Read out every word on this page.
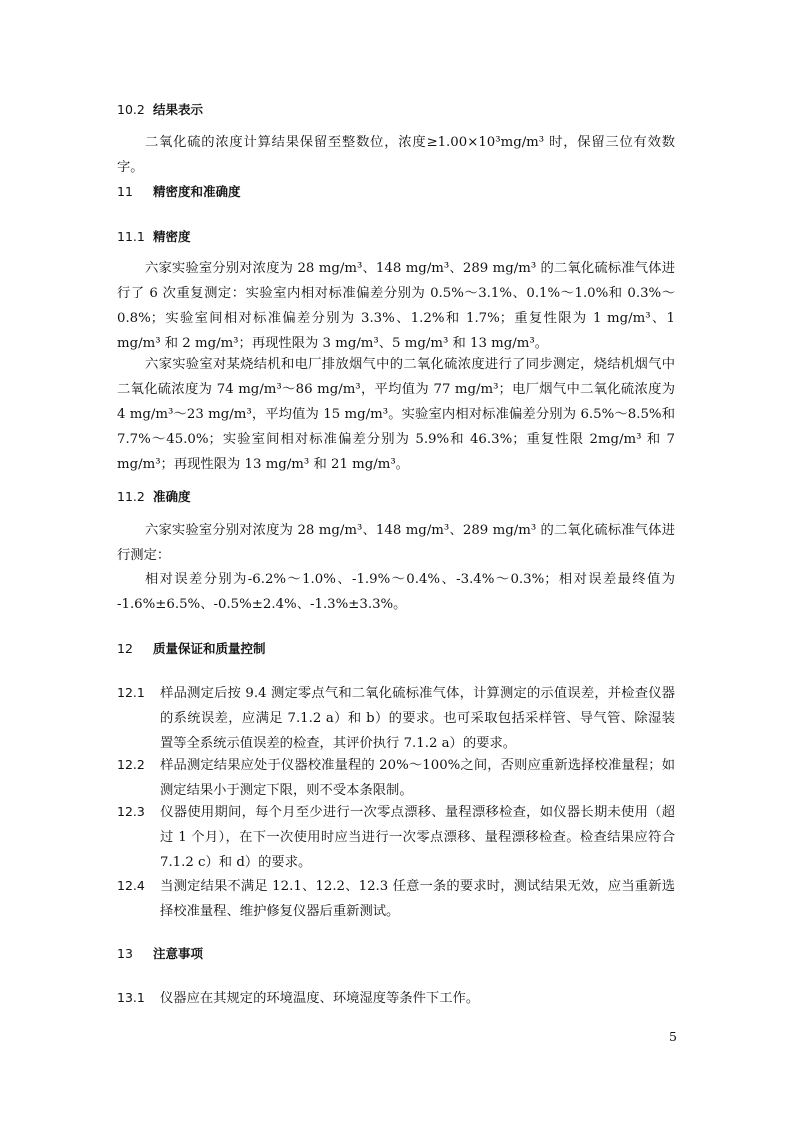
10.2 结果表示
二氧化硫的浓度计算结果保留至整数位，浓度≥1.00×10³mg/m³ 时，保留三位有效数字。
11 精密度和准确度
11.1 精密度
六家实验室分别对浓度为 28 mg/m³、148 mg/m³、289 mg/m³ 的二氧化硫标准气体进行了 6 次重复测定：实验室内相对标准偏差分别为 0.5%～3.1%、0.1%～1.0%和 0.3%～0.8%；实验室间相对标准偏差分别为 3.3%、1.2%和 1.7%；重复性限为 1 mg/m³、1 mg/m³ 和 2 mg/m³；再现性限为 3 mg/m³、5 mg/m³ 和 13 mg/m³。
六家实验室对某烧结机和电厂排放烟气中的二氧化硫浓度进行了同步测定，烧结机烟气中二氧化硫浓度为 74 mg/m³～86 mg/m³，平均值为 77 mg/m³；电厂烟气中二氧化硫浓度为 4 mg/m³～23 mg/m³，平均值为 15 mg/m³。实验室内相对标准偏差分别为 6.5%～8.5%和 7.7%～45.0%；实验室间相对标准偏差分别为 5.9%和 46.3%；重复性限 2mg/m³ 和 7 mg/m³；再现性限为 13 mg/m³ 和 21 mg/m³。
11.2 准确度
六家实验室分别对浓度为 28 mg/m³、148 mg/m³、289 mg/m³ 的二氧化硫标准气体进行测定：
相对误差分别为-6.2%～1.0%、-1.9%～0.4%、-3.4%～0.3%；相对误差最终值为 -1.6%±6.5%、-0.5%±2.4%、-1.3%±3.3%。
12 质量保证和质量控制
12.1 样品测定后按 9.4 测定零点气和二氧化硫标准气体，计算测定的示值误差，并检查仪器的系统误差，应满足 7.1.2 a）和 b）的要求。也可采取包括采样管、导气管、除湿装置等全系统示值误差的检查，其评价执行 7.1.2 a）的要求。
12.2 样品测定结果应处于仪器校准量程的 20%～100%之间，否则应重新选择校准量程；如测定结果小于测定下限，则不受本条限制。
12.3 仪器使用期间，每个月至少进行一次零点漂移、量程漂移检查，如仪器长期未使用（超过 1 个月），在下一次使用时应当进行一次零点漂移、量程漂移检查。检查结果应符合 7.1.2 c）和 d）的要求。
12.4 当测定结果不满足 12.1、12.2、12.3 任意一条的要求时，测试结果无效，应当重新选择校准量程、维护修复仪器后重新测试。
13 注意事项
13.1 仪器应在其规定的环境温度、环境湿度等条件下工作。
5
